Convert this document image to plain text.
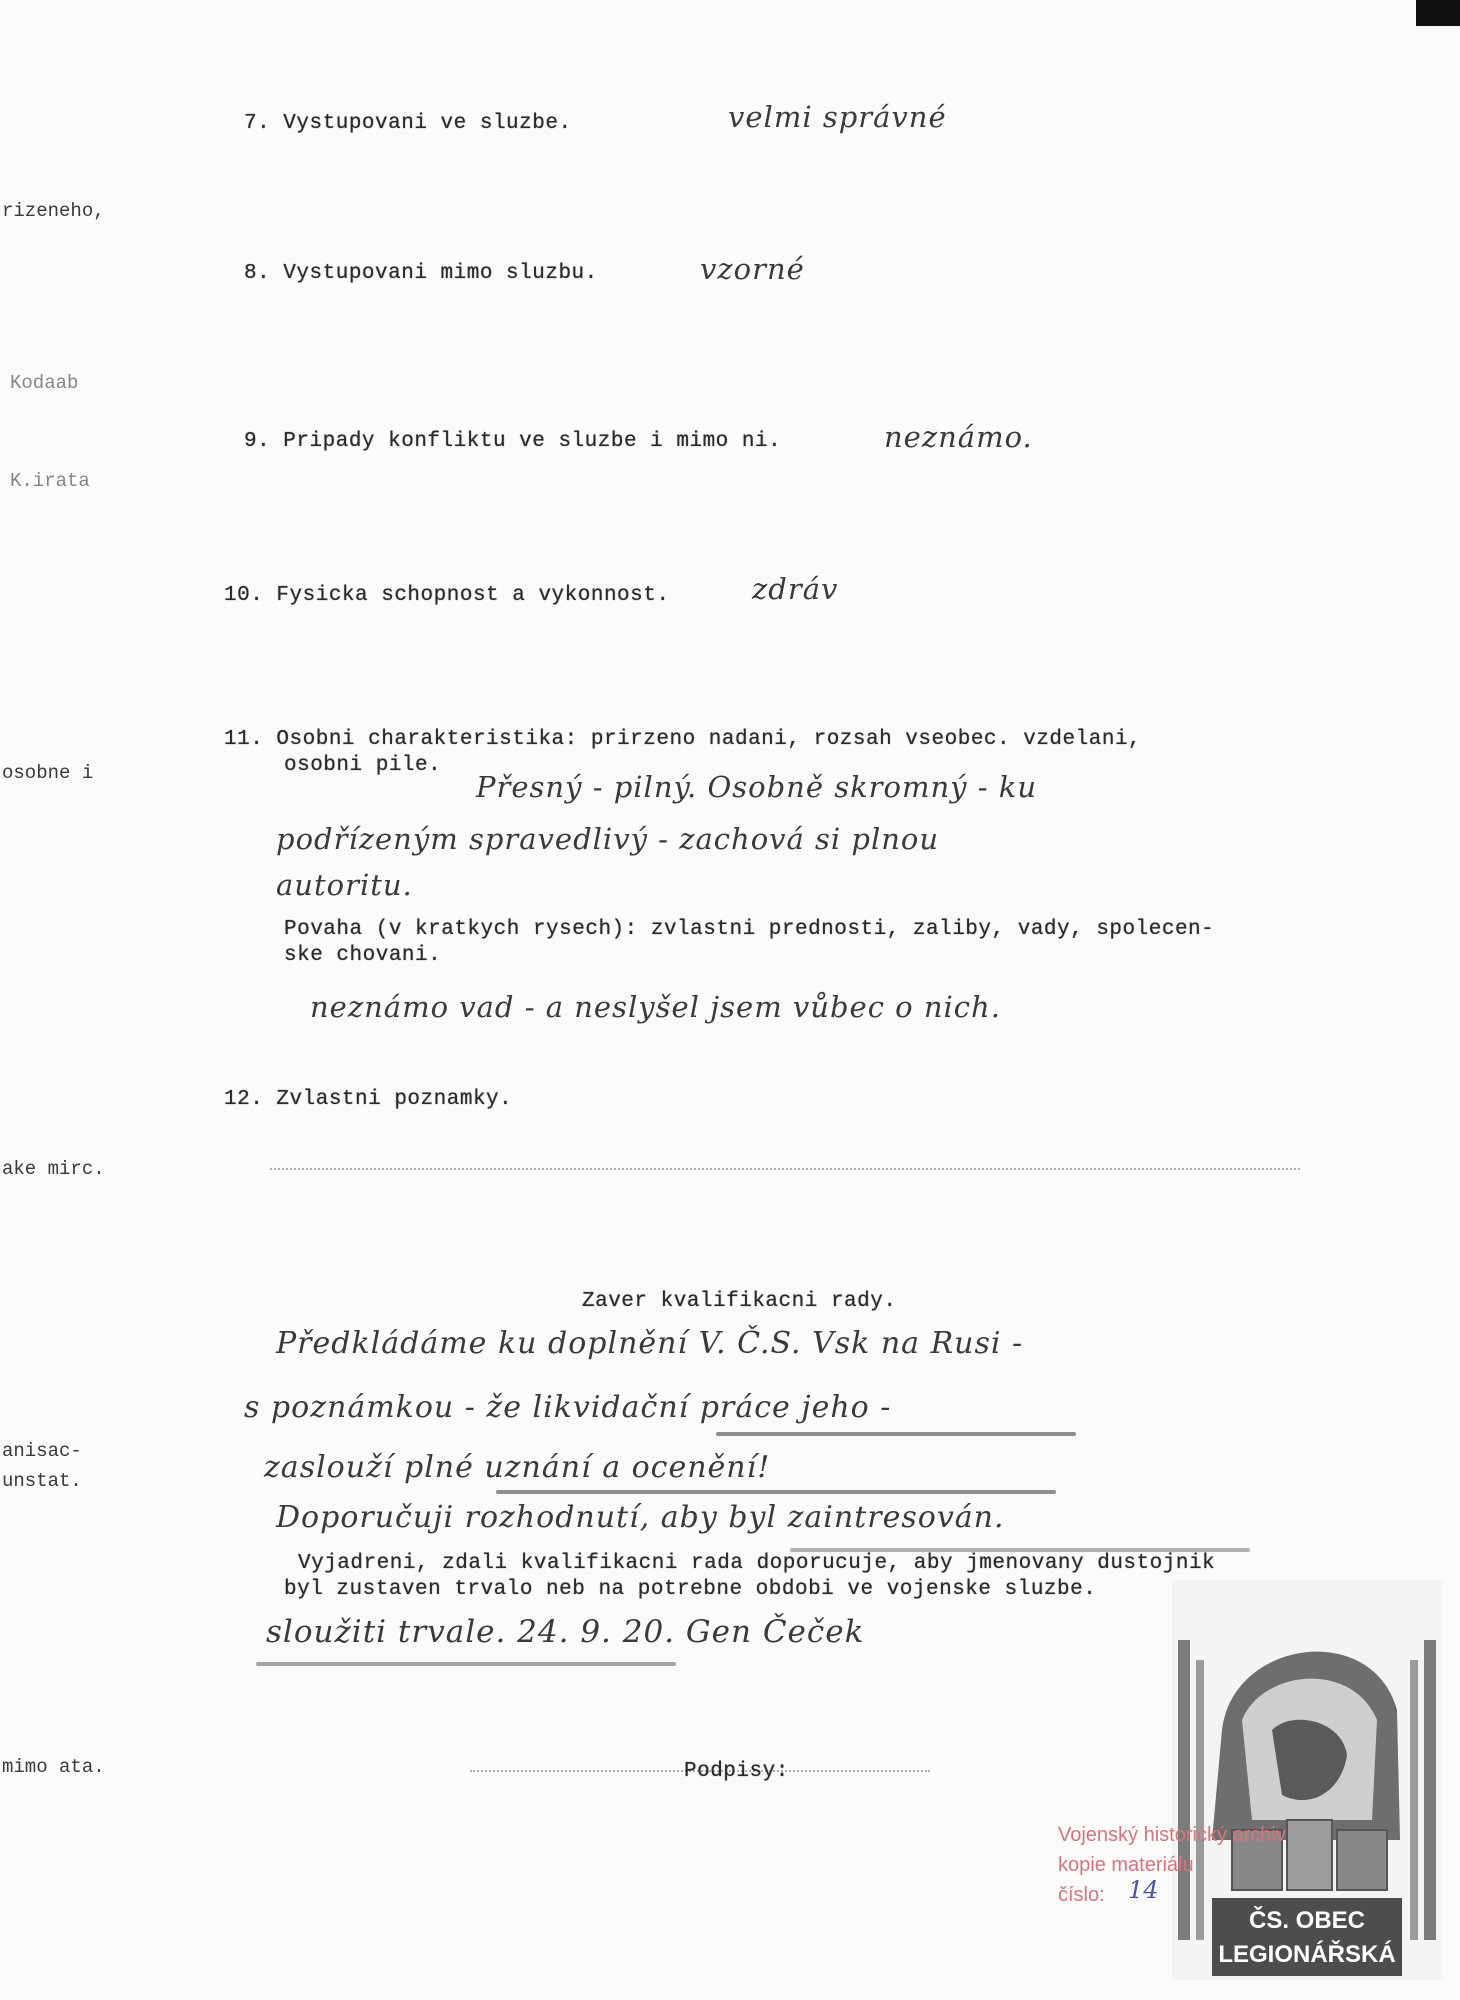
rizeneho,
Kodaab
K.irata
osobne i
ake mirc.
anisac-
unstat.
mimo ata.
7. Vystupovani ve sluzbe.	velmi správné
8. Vystupovani mimo sluzbu.	vzorné
9. Pripady konfliktu ve sluzbe i mimo ni.	neznámo.
10. Fysicka schopnost a vykonnost.	zdráv
11. Osobni charakteristika: prirzeno nadani, rozsah vseobec. vzdelani,
osobni pile.
Přesný - pilný. Osobně skromný - ku
podřízeným spravedlivý - zachová si plnou
autoritu.
Povaha (v kratkych rysech): zvlastni prednosti, zaliby, vady, spolecen-
ske chovani.
neznámo vad - a neslyšel jsem vůbec o nich.
12. Zvlastni poznamky.
Zaver kvalifikacni rady.
Předkládáme ku doplnění V. Č.S. Vsk na Rusi -
s poznámkou - že likvidační práce jeho -
zaslouží plné uznání a ocenění!
Doporučuji rozhodnutí, aby byl zaintresován.
Vyjadreni, zdali kvalifikacni rada doporucuje, aby jmenovany dustojnik
byl zustaven trvalo neb na potrebne obdobi ve vojenske sluzbe.
sloužiti trvale. 24. 9. 20. Gen Čeček
Podpisy:
ČS. OBEC
LEGIONÁŘSKÁ
Vojenský historický archiv
kopie materiálu
číslo: 14
